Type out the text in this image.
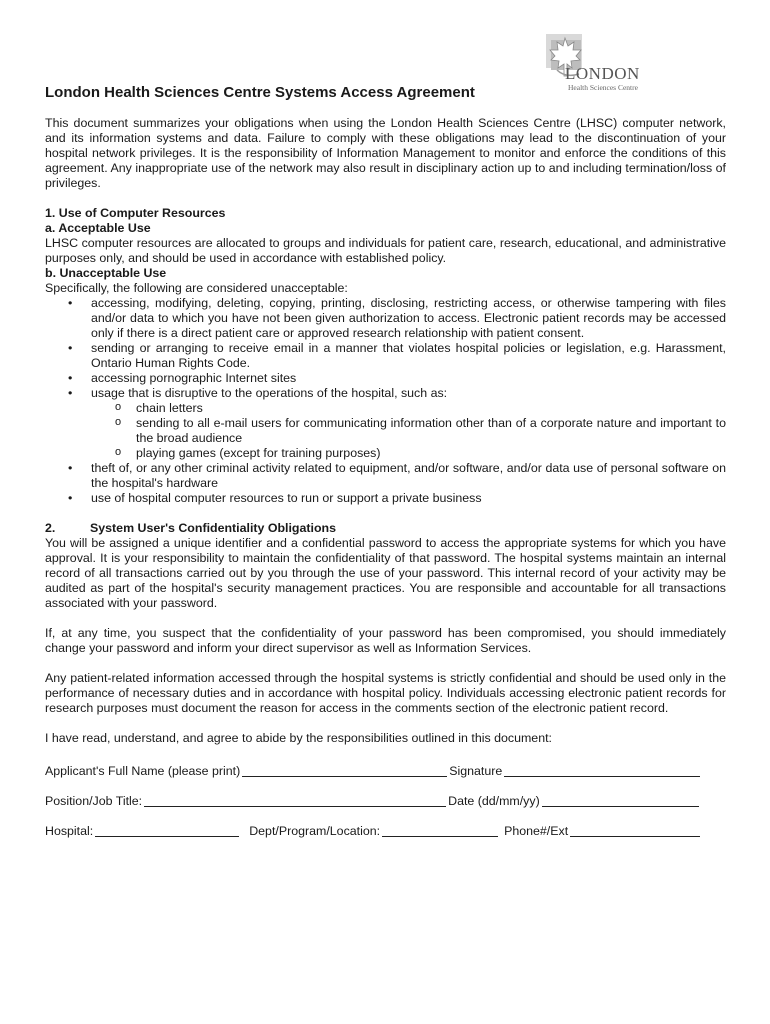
LONDON
Health Sciences Centre
London Health Sciences Centre Systems Access Agreement

This document summarizes your obligations when using the London Health Sciences Centre (LHSC) computer network, and its information systems and data. Failure to comply with these obligations may lead to the discontinuation of your hospital network privileges. It is the responsibility of Information Management to monitor and enforce the conditions of this agreement. Any inappropriate use of the network may also result in disciplinary action up to and including termination/loss of privileges.

1. Use of Computer Resources
a. Acceptable Use

LHSC computer resources are allocated to groups and individuals for patient care, research, educational, and administrative purposes only, and should be used in accordance with established policy.

b. Unacceptable Use

Specifically, the following are considered unacceptable:

• accessing, modifying, deleting, copying, printing, disclosing, restricting access, or otherwise tampering with files and/or data to which you have not been given authorization to access. Electronic patient records may be accessed only if there is a direct patient care or approved research relationship with patient consent.
• sending or arranging to receive email in a manner that violates hospital policies or legislation, e.g. Harassment, Ontario Human Rights Code.
• accessing pornographic Internet sites
• usage that is disruptive to the operations of the hospital, such as:
o chain letters
o sending to all e-mail users for communicating information other than of a corporate nature and important to the broad audience
o playing games (except for training purposes)
• theft of, or any other criminal activity related to equipment, and/or software, and/or data use of personal software on the hospital's hardware
• use of hospital computer resources to run or support a private business
2.	System User's Confidentiality Obligations

You will be assigned a unique identifier and a confidential password to access the appropriate systems for which you have approval. It is your responsibility to maintain the confidentiality of that password. The hospital systems maintain an internal record of all transactions carried out by you through the use of your password. This internal record of your activity may be audited as part of the hospital's security management practices. You are responsible and accountable for all transactions associated with your password.

If, at any time, you suspect that the confidentiality of your password has been compromised, you should immediately change your password and inform your direct supervisor as well as Information Services.

Any patient-related information accessed through the hospital systems is strictly confidential and should be used only in the performance of necessary duties and in accordance with hospital policy. Individuals accessing electronic patient records for research purposes must document the reason for access in the comments section of the electronic patient record.

I have read, understand, and agree to abide by the responsibilities outlined in this document:

Applicant's Full Name (please print)	Signature
Position/Job Title:	Date (dd/mm/yy)
Hospital:	Dept/Program/Location:	Phone#/Ext
